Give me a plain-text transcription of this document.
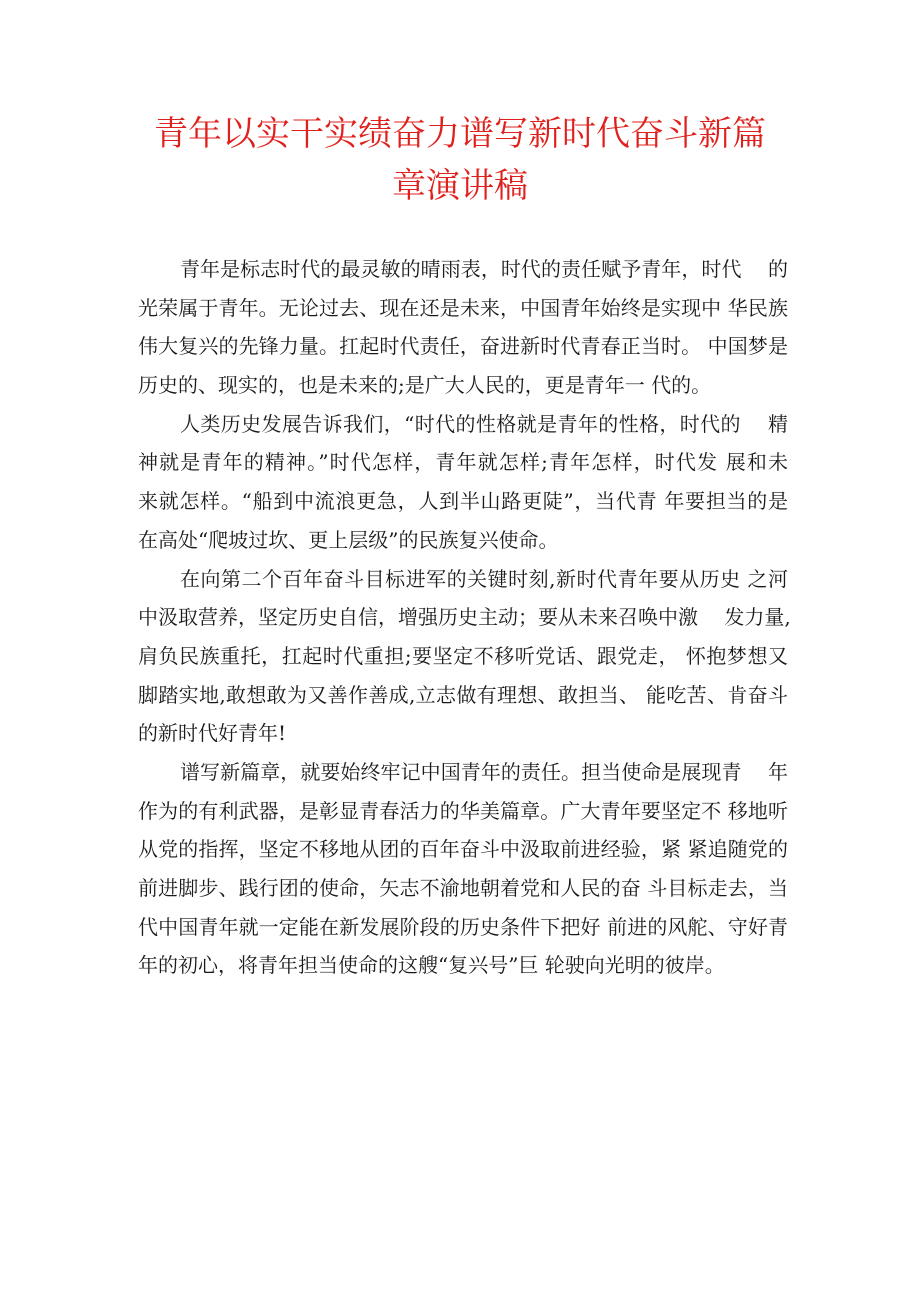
青年以实干实绩奋力谱写新时代奋斗新篇
章演讲稿
青年是标志时代的最灵敏的晴雨表，时代的责任赋予青年，时代　 的
光荣属于青年。无论过去、现在还是未来，中国青年始终是实现中 华民族
伟大复兴的先锋力量。扛起时代责任，奋进新时代青春正当时。 中国梦是
历史的、现实的，也是未来的;是广大人民的，更是青年一 代的。
人类历史发展告诉我们，“时代的性格就是青年的性格，时代的　 精
神就是青年的精神。”时代怎样，青年就怎样;青年怎样，时代发 展和未
来就怎样。“船到中流浪更急，人到半山路更陡”，当代青 年要担当的是
在高处“爬坡过坎、更上层级”的民族复兴使命。
在向第二个百年奋斗目标进军的关键时刻,新时代青年要从历史 之河
中汲取营养，坚定历史自信，增强历史主动；要从未来召唤中激　 发力量,
肩负民族重托，扛起时代重担;要坚定不移听党话、跟党走， 怀抱梦想又
脚踏实地,敢想敢为又善作善成,立志做有理想、敢担当、 能吃苦、肯奋斗
的新时代好青年!
谱写新篇章，就要始终牢记中国青年的责任。担当使命是展现青　 年
作为的有利武器，是彰显青春活力的华美篇章。广大青年要坚定不 移地听
从党的指挥，坚定不移地从团的百年奋斗中汲取前进经验，紧 紧追随党的
前进脚步、践行团的使命，矢志不渝地朝着党和人民的奋 斗目标走去，当
代中国青年就一定能在新发展阶段的历史条件下把好 前进的风舵、守好青
年的初心，将青年担当使命的这艘“复兴号”巨 轮驶向光明的彼岸。
